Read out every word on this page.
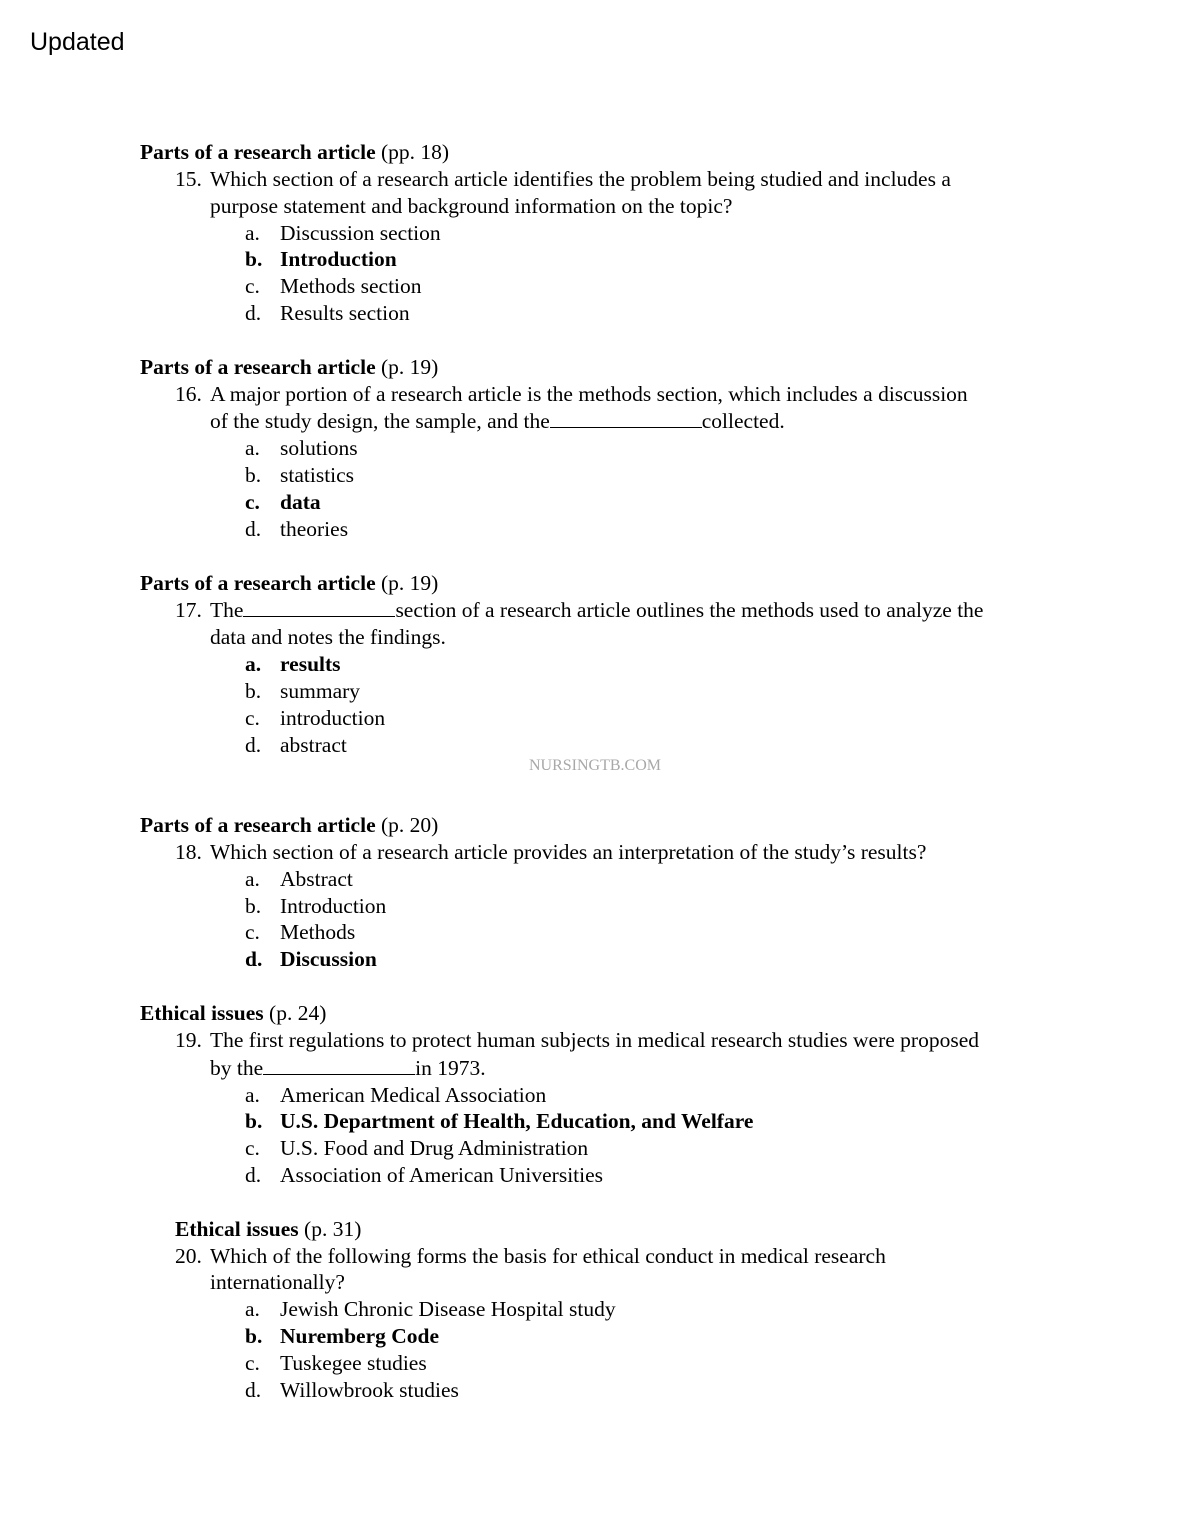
Updated
Parts of a research article (pp. 18)
15. Which section of a research article identifies the problem being studied and includes a
purpose statement and background information on the topic?
a. Discussion section
b. Introduction
c. Methods section
d. Results section
Parts of a research article (p. 19)
16. A major portion of a research article is the methods section, which includes a discussion
of the study design, the sample, and the	collected.
a. solutions
b. statistics
c. data
d. theories
Parts of a research article (p. 19)
17. The	section of a research article outlines the methods used to analyze the
data and notes the findings.
a. results
b. summary
c. introduction
d. abstract
Parts of a research article (p. 20)
18. Which section of a research article provides an interpretation of the study’s results?
a. Abstract
b. Introduction
c. Methods
d. Discussion
Ethical issues (p. 24)
19. The first regulations to protect human subjects in medical research studies were proposed
by the	in 1973.
a. American Medical Association
b. U.S. Department of Health, Education, and Welfare
c. U.S. Food and Drug Administration
d. Association of American Universities
Ethical issues (p. 31)
20. Which of the following forms the basis for ethical conduct in medical research
internationally?
a. Jewish Chronic Disease Hospital study
b. Nuremberg Code
c. Tuskegee studies
d. Willowbrook studies
NURSINGTB.COM
